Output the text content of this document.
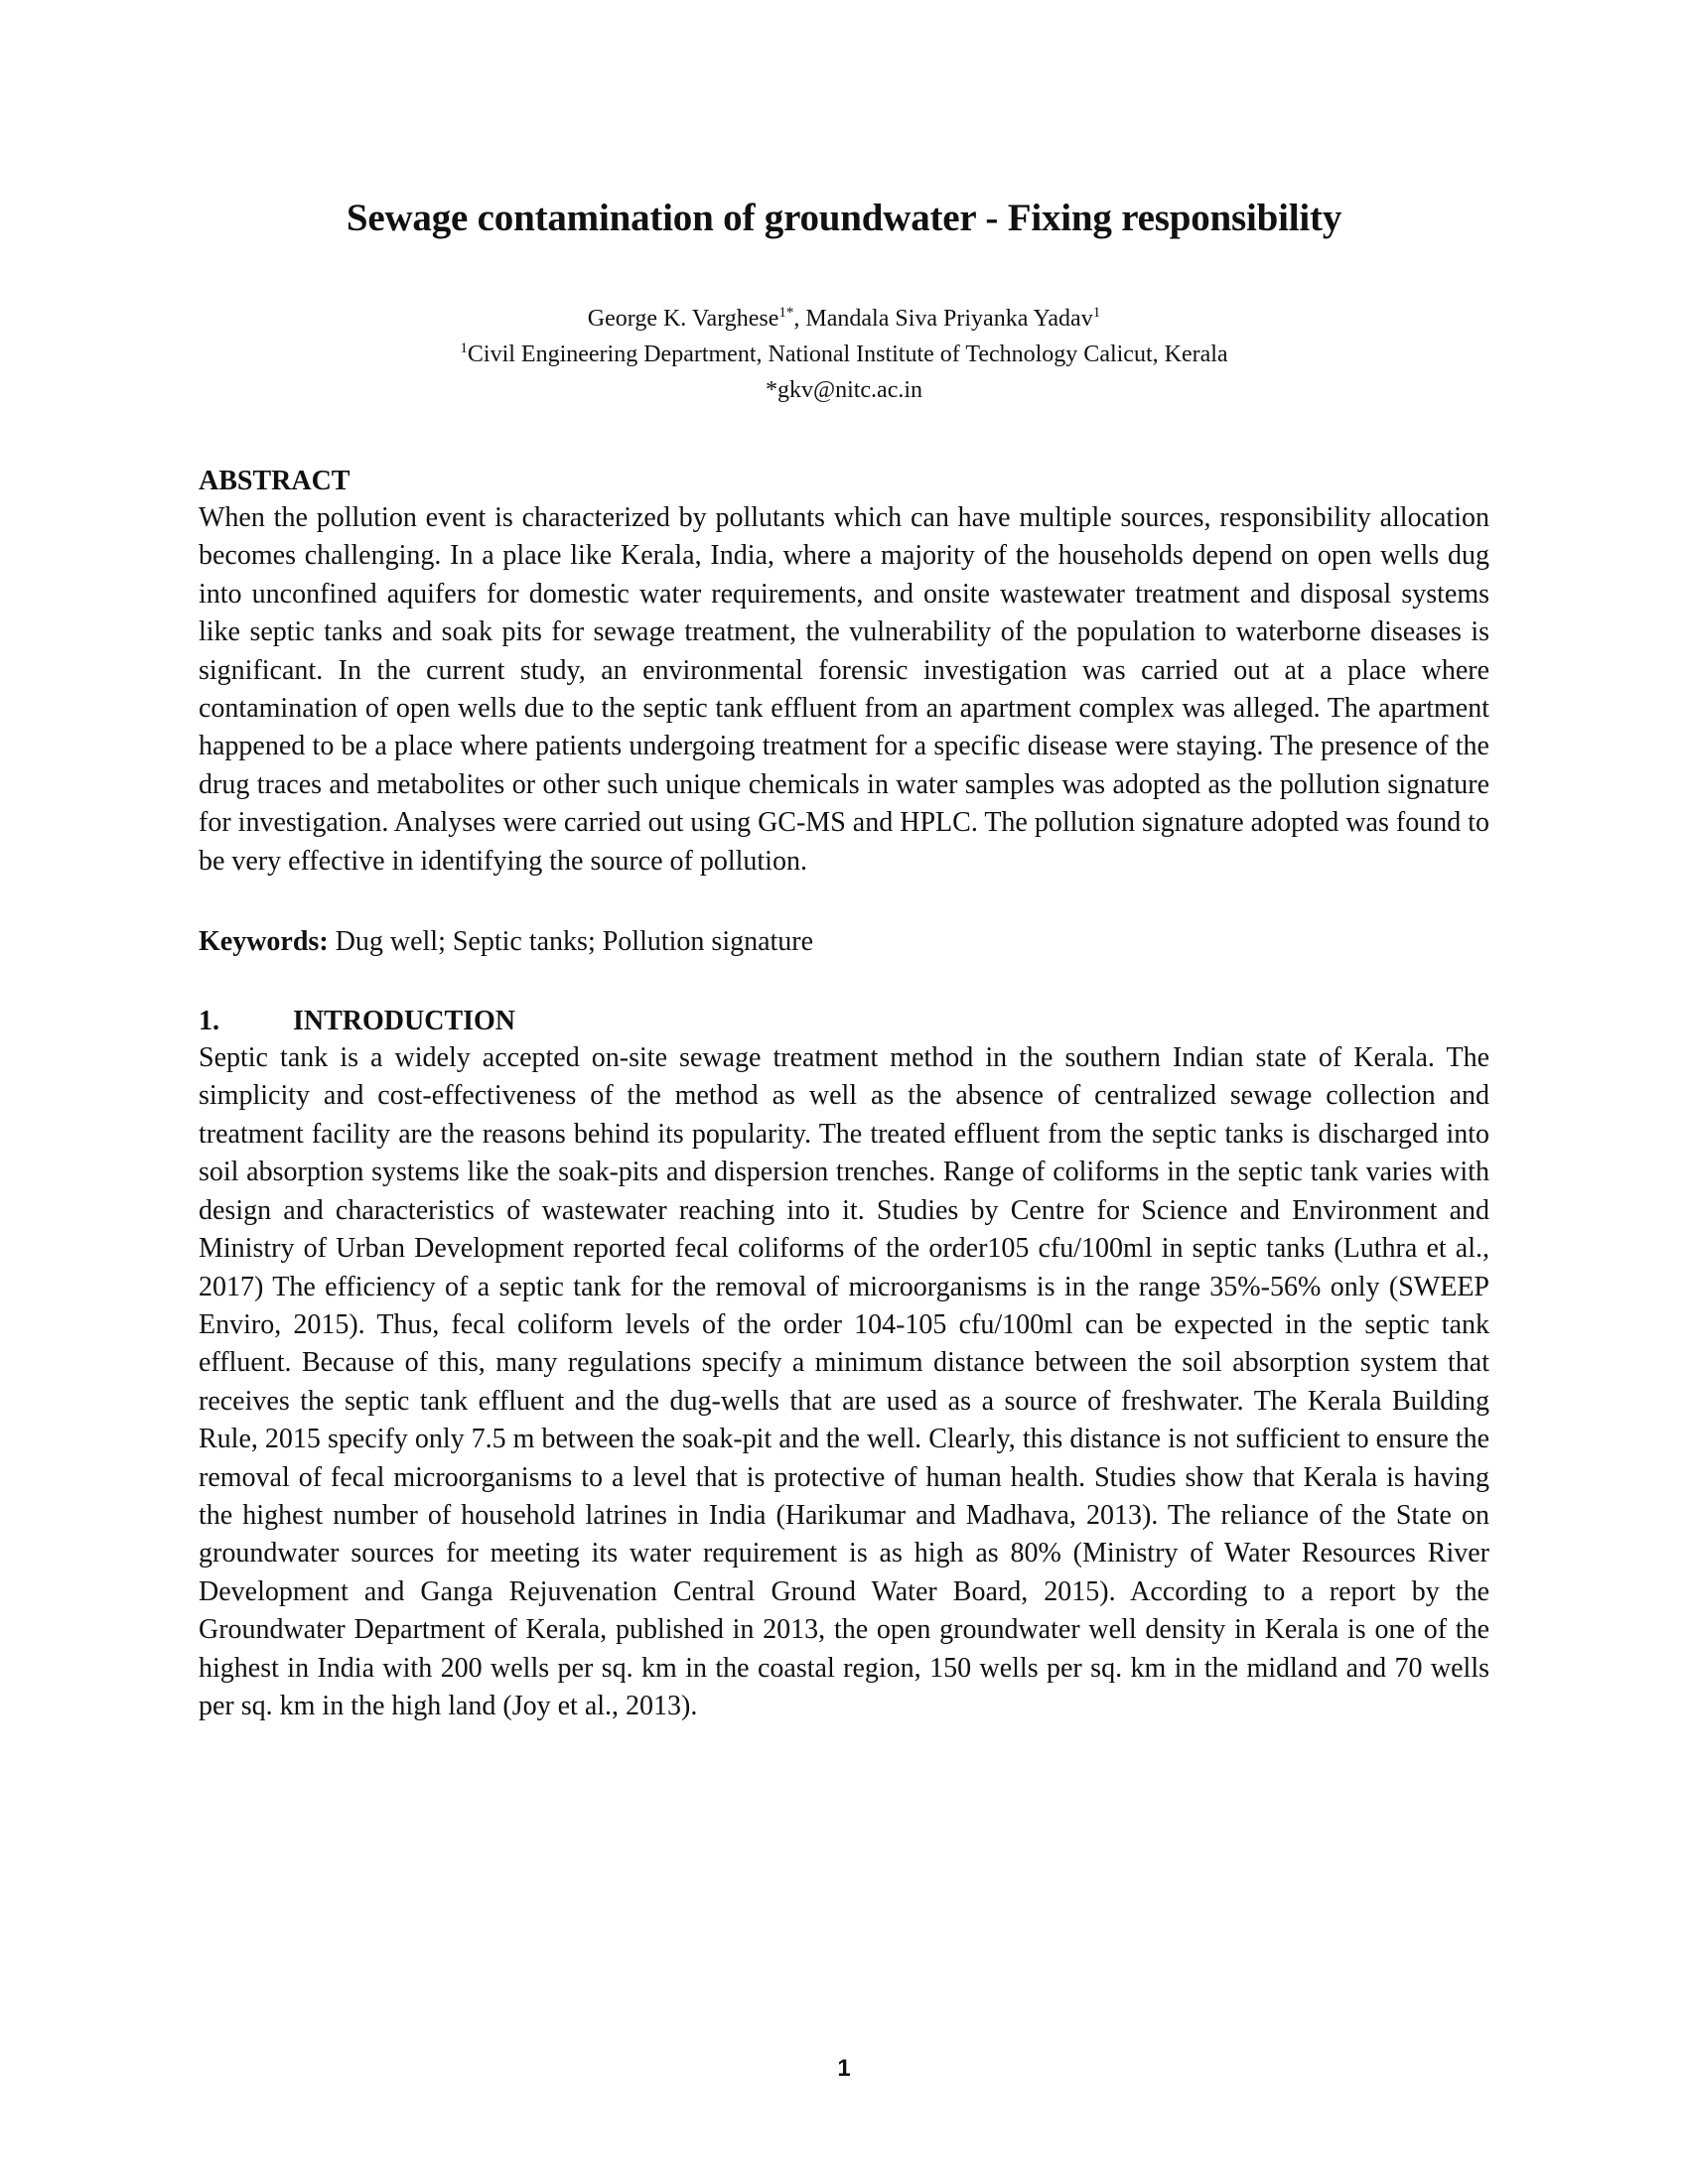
Sewage contamination of groundwater - Fixing responsibility
George K. Varghese$^{1*}$, Mandala Siva Priyanka Yadav$^1$
$^1$Civil Engineering Department, National Institute of Technology Calicut, Kerala
*gkv@nitc.ac.in
ABSTRACT

When the pollution event is characterized by pollutants which can have multiple sources, responsibility allocation becomes challenging. In a place like Kerala, India, where a majority of the households depend on open wells dug into unconfined aquifers for domestic water requirements, and onsite wastewater treatment and disposal systems like septic tanks and soak pits for sewage treatment, the vulnerability of the population to waterborne diseases is significant. In the current study, an environmental forensic investigation was carried out at a place where contamination of open wells due to the septic tank effluent from an apartment complex was alleged. The apartment happened to be a place where patients undergoing treatment for a specific disease were staying. The presence of the drug traces and metabolites or other such unique chemicals in water samples was adopted as the pollution signature for investigation. Analyses were carried out using GC-MS and HPLC. The pollution signature adopted was found to be very effective in identifying the source of pollution.

Keywords: Dug well; Septic tanks; Pollution signature
1.	INTRODUCTION

Septic tank is a widely accepted on-site sewage treatment method in the southern Indian state of Kerala. The simplicity and cost-effectiveness of the method as well as the absence of centralized sewage collection and treatment facility are the reasons behind its popularity. The treated effluent from the septic tanks is discharged into soil absorption systems like the soak-pits and dispersion trenches. Range of coliforms in the septic tank varies with design and characteristics of wastewater reaching into it. Studies by Centre for Science and Environment and Ministry of Urban Development reported fecal coliforms of the order105 cfu/100ml in septic tanks (Luthra et al., 2017) The efficiency of a septic tank for the removal of microorganisms is in the range 35%-56% only (SWEEP Enviro, 2015). Thus, fecal coliform levels of the order 104-105 cfu/100ml can be expected in the septic tank effluent. Because of this, many regulations specify a minimum distance between the soil absorption system that receives the septic tank effluent and the dug-wells that are used as a source of freshwater. The Kerala Building Rule, 2015 specify only 7.5 m between the soak-pit and the well. Clearly, this distance is not sufficient to ensure the removal of fecal microorganisms to a level that is protective of human health. Studies show that Kerala is having the highest number of household latrines in India (Harikumar and Madhava, 2013). The reliance of the State on groundwater sources for meeting its water requirement is as high as 80% (Ministry of Water Resources River Development and Ganga Rejuvenation Central Ground Water Board, 2015). According to a report by the Groundwater Department of Kerala, published in 2013, the open groundwater well density in Kerala is one of the highest in India with 200 wells per sq. km in the coastal region, 150 wells per sq. km in the midland and 70 wells per sq. km in the high land (Joy et al., 2013).

1
